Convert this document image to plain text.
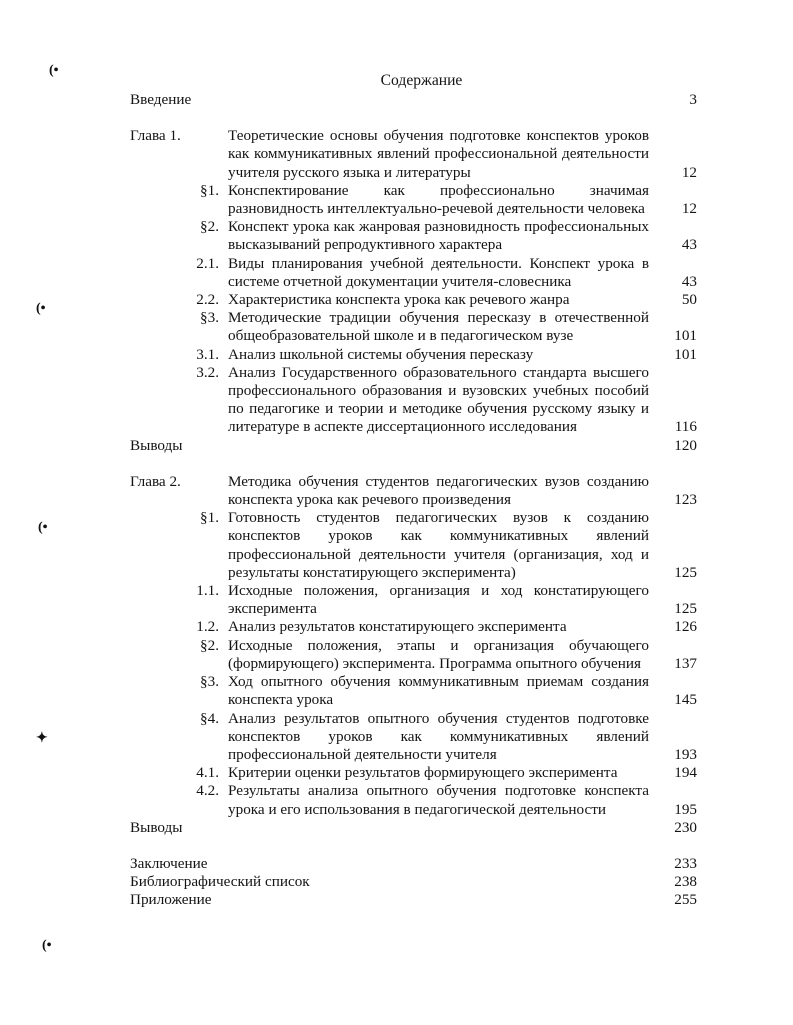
(•
(•
(•
✦
(•
Содержание
Введение	3
Глава 1.	Теоретические основы обучения подготовке конспектов уроков как коммуникативных явлений профессиональной деятельности учителя русского языка и литературы	12
§1. Конспектирование как профессионально значимая разновидность интеллектуально-речевой деятельности человека 12
§2. Конспект урока как жанровая разновидность профессиональных высказываний репродуктивного характера	43
2.1. Виды планирования учебной деятельности. Конспект урока в системе отчетной документации учителя-словесника	43
2.2. Характеристика конспекта урока как речевого жанра	50
§3. Методические традиции обучения пересказу в отечественной общеобразовательной школе и в педагогическом вузе	101
3.1. Анализ школьной системы обучения пересказу	101
3.2. Анализ Государственного образовательного стандарта высшего профессионального образования и вузовских учебных пособий по педагогике и теории и методике обучения русскому языку и литературе в аспекте диссертационного исследования	116
Выводы	120
Глава 2.	Методика обучения студентов педагогических вузов созданию конспекта урока как речевого произведения	123
§1. Готовность студентов педагогических вузов к созданию конспектов уроков как коммуникативных явлений профессиональной деятельности учителя (организация, ход и результаты констатирующего эксперимента)	125
1.1. Исходные положения, организация и ход констатирующего эксперимента	125
1.2. Анализ результатов констатирующего эксперимента	126
§2. Исходные положения, этапы и организация обучающего (формирующего) эксперимента. Программа опытного обучения	137
§3. Ход опытного обучения коммуникативным приемам создания конспекта урока	145
§4. Анализ результатов опытного обучения студентов подготовке конспектов уроков как коммуникативных явлений профессиональной деятельности учителя	193
4.1. Критерии оценки результатов формирующего эксперимента	194
4.2. Результаты анализа опытного обучения подготовке конспекта урока и его использования в педагогической деятельности	195
Выводы	230
Заключение	233
Библиографический список	238
Приложение	255
